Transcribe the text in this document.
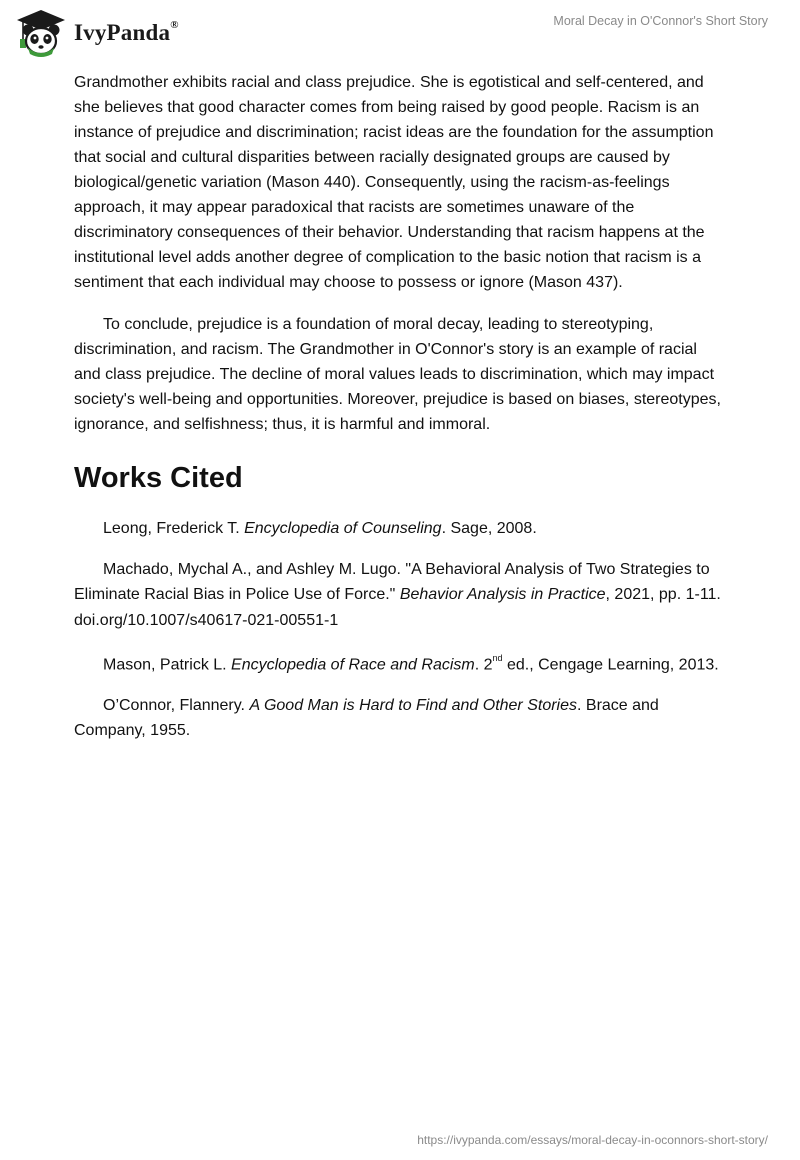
IvyPanda®	Moral Decay in O'Connor's Short Story

Grandmother exhibits racial and class prejudice. She is egotistical and self-centered, and she believes that good character comes from being raised by good people. Racism is an instance of prejudice and discrimination; racist ideas are the foundation for the assumption that social and cultural disparities between racially designated groups are caused by biological/genetic variation (Mason 440). Consequently, using the racism-as-feelings approach, it may appear paradoxical that racists are sometimes unaware of the discriminatory consequences of their behavior. Understanding that racism happens at the institutional level adds another degree of complication to the basic notion that racism is a sentiment that each individual may choose to possess or ignore (Mason 437).

To conclude, prejudice is a foundation of moral decay, leading to stereotyping, discrimination, and racism. The Grandmother in O'Connor's story is an example of racial and class prejudice. The decline of moral values leads to discrimination, which may impact society's well-being and opportunities. Moreover, prejudice is based on biases, stereotypes, ignorance, and selfishness; thus, it is harmful and immoral.

Works Cited

Leong, Frederick T. Encyclopedia of Counseling. Sage, 2008.

Machado, Mychal A., and Ashley M. Lugo. "A Behavioral Analysis of Two Strategies to Eliminate Racial Bias in Police Use of Force." Behavior Analysis in Practice, 2021, pp. 1-11. doi.org/10.1007/s40617-021-00551-1

Mason, Patrick L. Encyclopedia of Race and Racism. 2nd ed., Cengage Learning, 2013.

O’Connor, Flannery. A Good Man is Hard to Find and Other Stories. Brace and Company, 1955.

https://ivypanda.com/essays/moral-decay-in-oconnors-short-story/
